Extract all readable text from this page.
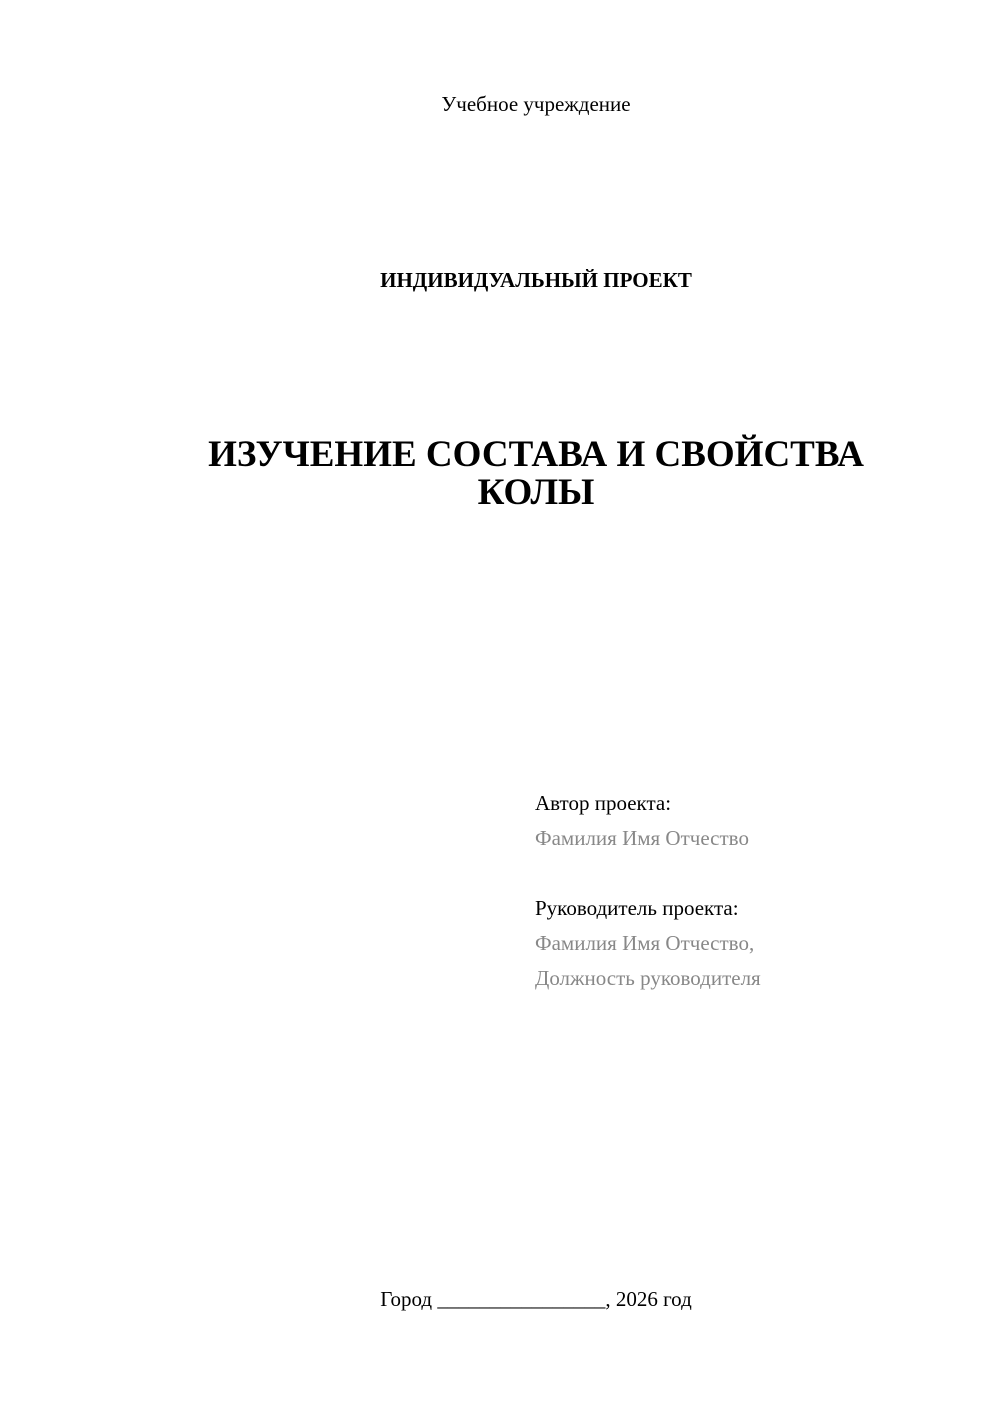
Учебное учреждение
ИНДИВИДУАЛЬНЫЙ ПРОЕКТ
ИЗУЧЕНИЕ СОСТАВА И СВОЙСТВА
КОЛЫ
Автор проекта:
Фамилия Имя Отчество
Руководитель проекта:
Фамилия Имя Отчество,
Должность руководителя
Город ________________, 2026 год
